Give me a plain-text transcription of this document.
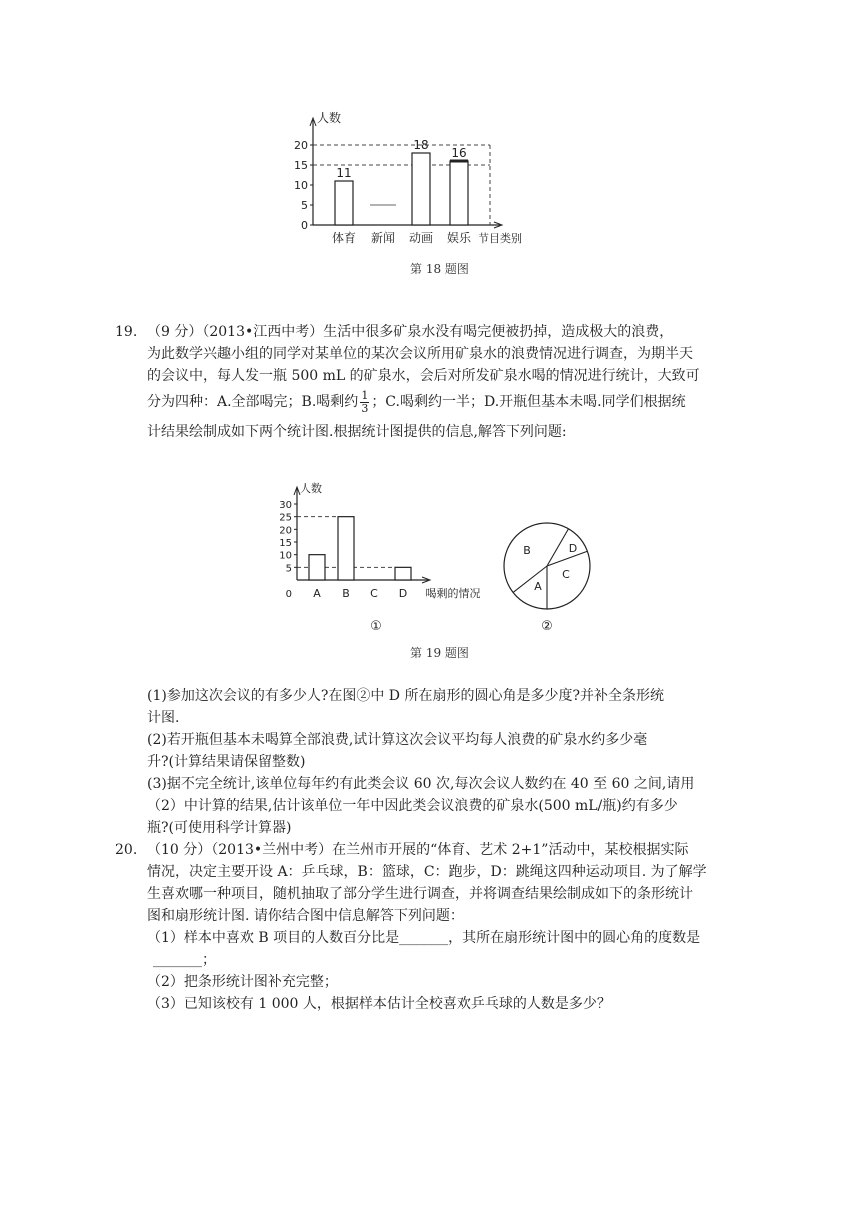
人数
节目类别
0
5
10
15
20
11
体育 新闻
18
动画
16
娱乐
第 18 题图
19. （9 分）（2013•江西中考）生活中很多矿泉水没有喝完便被扔掉，造成极大的浪费，
为此数学兴趣小组的同学对某单位的某次会议所用矿泉水的浪费情况进行调查，为期半天
的会议中，每人发一瓶 500 mL 的矿泉水，会后对所发矿泉水喝的情况进行统计，大致可
分为四种：A.全部喝完；B.喝剩约 $\frac{1}{3}$ ；C.喝剩约一半；D.开瓶但基本未喝.同学们根据统
计结果绘制成如下两个统计图.根据统计图提供的信息,解答下列问题:
人数
喝剩的情况
0
5
10
15
20
25
30
A B C D
①
B	D
C
A
②
第 19 题图
(1)参加这次会议的有多少人?在图②中 D 所在扇形的圆心角是多少度?并补全条形统
计图.
(2)若开瓶但基本未喝算全部浪费,试计算这次会议平均每人浪费的矿泉水约多少毫
升?(计算结果请保留整数)
(3)据不完全统计,该单位每年约有此类会议 60 次,每次会议人数约在 40 至 60 之间,请用
（2）中计算的结果,估计该单位一年中因此类会议浪费的矿泉水(500 mL/瓶)约有多少
瓶?(可使用科学计算器)
20. （10 分）（2013•兰州中考）在兰州市开展的“体育、艺术 2+1”活动中，某校根据实际
情况，决定主要开设 A：乒乓球，B：篮球，C：跑步，D：跳绳这四种运动项目. 为了解学
生喜欢哪一种项目，随机抽取了部分学生进行调查，并将调查结果绘制成如下的条形统计
图和扇形统计图. 请你结合图中信息解答下列问题：
（1）样本中喜欢 B 项目的人数百分比是_______，其所在扇形统计图中的圆心角的度数是
_______；
（2）把条形统计图补充完整；
（3）已知该校有 1 000 人，根据样本估计全校喜欢乒乓球的人数是多少？
